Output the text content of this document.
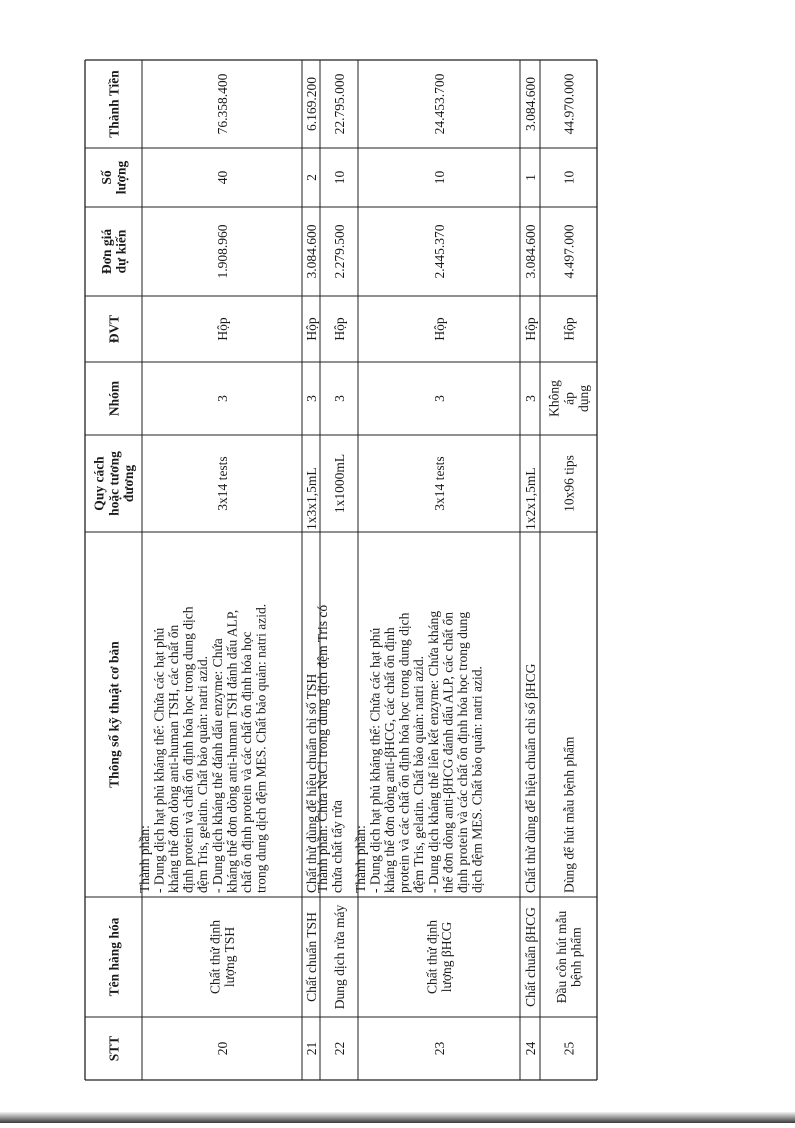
STT
Tên hàng hóa
Thông số kỹ thuật cơ bản
Quy cách hoặc tương đương
Nhóm
ĐVT
Đơn giá dự kiến
Số lượng
Thành Tiền
20
Chất thử định lượng TSH
Thành phần: - Dung dịch hạt phủ kháng thể: Chứa các hạt phủ kháng thể đơn dòng anti-human TSH, các chất ổn định protein và chất ổn định hóa học trong dung dịch đệm Tris, gelatin. Chất bảo quản: natri azid. - Dung dịch kháng thể đánh dấu enzyme: Chứa kháng thể đơn dòng anti-human TSH đánh dấu ALP, chất ổn định protein và các chất ổn định hóa học trong dung dịch đệm MES. Chất bảo quản: natri azid.
3x14 tests
3
Hộp
1.908.960
40
76.358.400
21
Chất chuẩn TSH
Chất thử dùng để hiệu chuẩn chỉ số TSH
1x3x1,5mL
3
Hộp
3.084.600
2
6.169.200
22
Dung dịch rửa máy
Thành phần: Chứa NaCl trong dung dịch đệm Tris có chứa chất tẩy rửa
1x1000mL
3
Hộp
2.279.500
10
22.795.000
23
Chất thử định lượng βHCG
Thành phần: - Dung dịch hạt phủ kháng thể: Chứa các hạt phủ kháng thể đơn dòng anti-βHCG, các chất ổn định protein và các chất ổn định hóa học trong dung dịch đệm Tris, gelatin. Chất bảo quản: natri azid. - Dung dịch kháng thể liên kết enzyme: Chứa kháng thể đơn dòng anti-βHCG đánh dấu ALP, các chất ổn định protein và các chất ổn định hóa học trong dung dịch đệm MES. Chất bảo quản: natri azid.
3x14 tests
3
Hộp
2.445.370
10
24.453.700
24
Chất chuẩn βHCG
Chất thử dùng để hiệu chuẩn chỉ số βHCG
1x2x1,5mL
3
Hộp
3.084.600
1
3.084.600
25
Đầu côn hút mẫu bệnh phẩm
Dùng để hút mẫu bệnh phẩm
10x96 tips
Không áp dụng
Hộp
4.497.000
10
44.970.000
